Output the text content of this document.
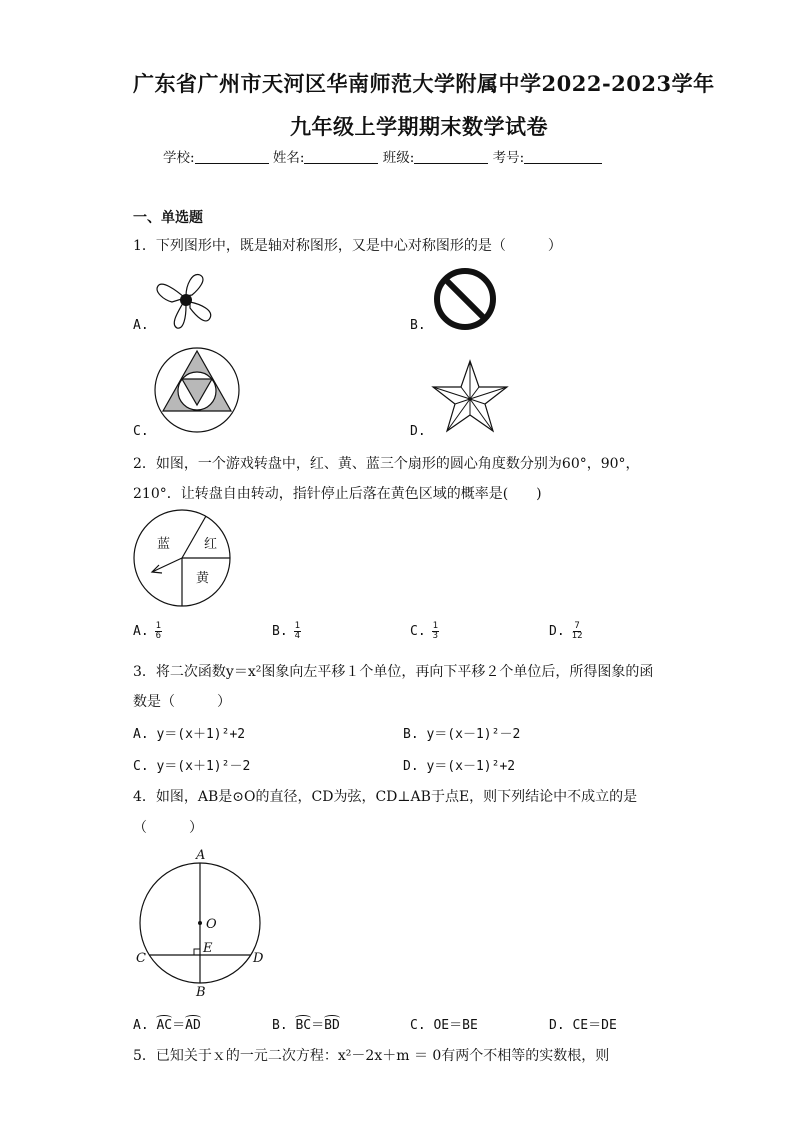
广东省广州市天河区华南师范大学附属中学2022-2023学年
九年级上学期期末数学试卷
学校:	姓名:	班级:	考号:
一、单选题
1．下列图形中，既是轴对称图形，又是中心对称图形的是（　　　）
A.	B.
C.	D.
2．如图，一个游戏转盘中，红、黄、蓝三个扇形的圆心角度数分别为60°，90°，
210°．让转盘自由转动，指针停止后落在黄色区域的概率是(　　)
蓝	红
黄
A. $\frac{1}{6}$	B. $\frac{1}{4}$	C. $\frac{1}{3}$	D. $\frac{7}{12}$
3．将二次函数y＝x²图象向左平移１个单位，再向下平移２个单位后，所得图象的函
数是（　　　）
A. y＝(x＋1)²+2	B. y＝(x－1)²－2
C. y＝(x＋1)²－2	D. y＝(x－1)²+2
4．如图，AB是⊙O的直径，CD为弦，CD⊥AB于点E，则下列结论中不成立的是
（　　　）
A
B
C	D
E
O
A. AC＝AD	B. BC＝BD	C. OE＝BE	D. CE＝DE
5．已知关于ｘ的一元二次方程：x²－2x＋m ＝ 0有两个不相等的实数根，则
